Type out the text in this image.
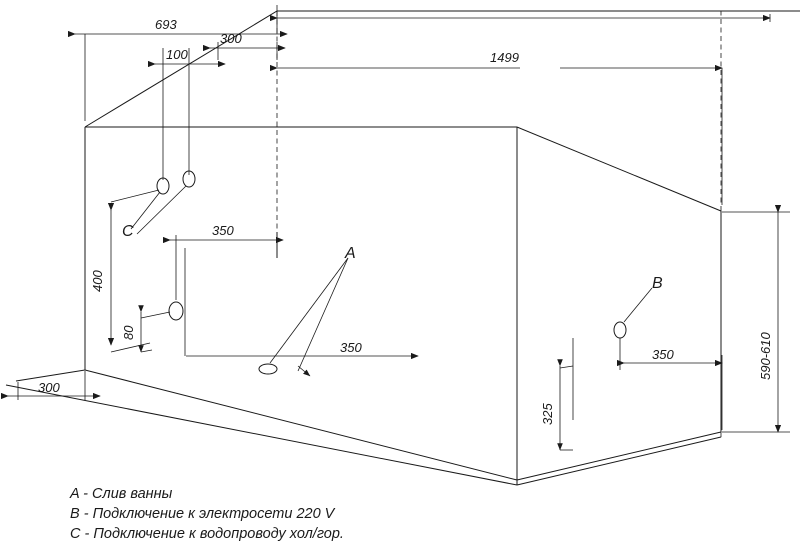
693
1499
300
100
C
400
350
80
A
350
300
B
350
325
590-610
A - Слив ванны
B - Подключение к электросети 220 V
C - Подключение к водопроводу хол/гор.
